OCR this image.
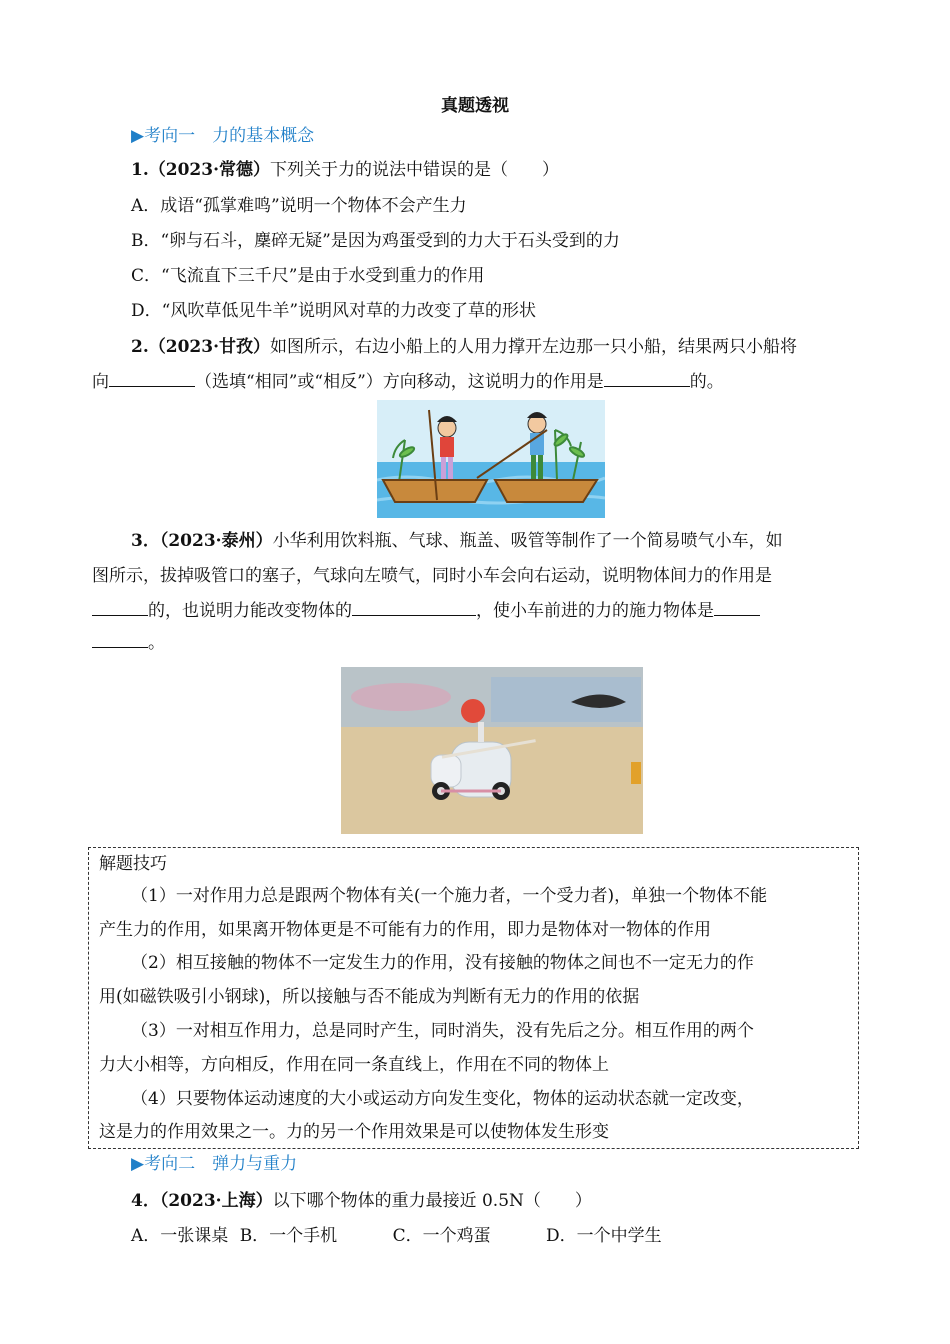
真题透视
▶考向一　力的基本概念
1.（2023·常德）下列关于力的说法中错误的是（　　）
A．成语“孤掌难鸣”说明一个物体不会产生力
B．“卵与石斗，麇碎无疑”是因为鸡蛋受到的力大于石头受到的力
C．“飞流直下三千尺”是由于水受到重力的作用
D．“风吹草低见牛羊”说明风对草的力改变了草的形状
2.（2023·甘孜）如图所示，右边小船上的人用力撑开左边那一只小船，结果两只小船将
向	（选填“相同”或“相反”）方向移动，这说明力的作用是	的。
3．（2023·泰州）小华利用饮料瓶、气球、瓶盖、吸管等制作了一个简易喷气小车，如
图所示，拔掉吸管口的塞子，气球向左喷气，同时小车会向右运动，说明物体间力的作用是
的，也说明力能改变物体的	，使小车前进的力的施力物体是
。
解题技巧
（1）一对作用力总是跟两个物体有关(一个施力者，一个受力者)，单独一个物体不能
产生力的作用，如果离开物体更是不可能有力的作用，即力是物体对一物体的作用
（2）相互接触的物体不一定发生力的作用，没有接触的物体之间也不一定无力的作
用(如磁铁吸引小钢球)，所以接触与否不能成为判断有无力的作用的依据
（3）一对相互作用力，总是同时产生，同时消失，没有先后之分。相互作用的两个
力大小相等，方向相反，作用在同一条直线上，作用在不同的物体上
（4）只要物体运动速度的大小或运动方向发生变化，物体的运动状态就一定改变，
这是力的作用效果之一。力的另一个作用效果是可以使物体发生形变
▶考向二　弹力与重力
4．（2023·上海）以下哪个物体的重力最接近 0.5N（　　）
A．一张课桌 B．一个手机	C．一个鸡蛋	D．一个中学生
